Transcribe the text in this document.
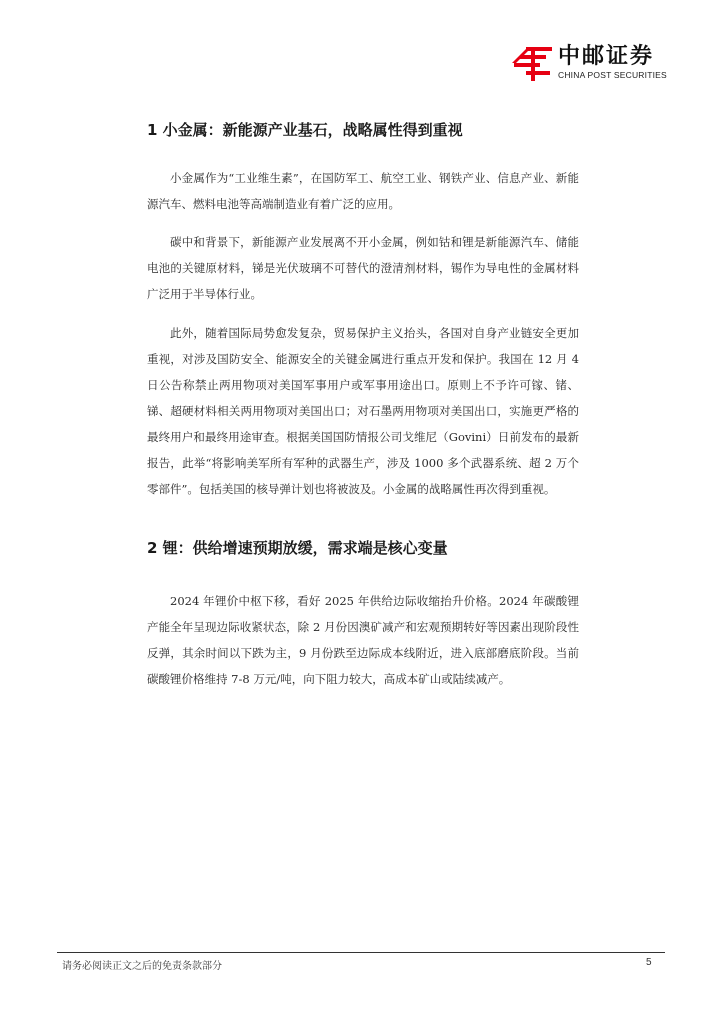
中邮证券
CHINA POST SECURITIES
1 小金属：新能源产业基石，战略属性得到重视
小金属作为“工业维生素”，在国防军工、航空工业、钢铁产业、信息产业、新能源汽车、燃料电池等高端制造业有着广泛的应用。
碳中和背景下，新能源产业发展离不开小金属，例如钴和锂是新能源汽车、储能电池的关键原材料，锑是光伏玻璃不可替代的澄清剂材料，锡作为导电性的金属材料广泛用于半导体行业。
此外，随着国际局势愈发复杂，贸易保护主义抬头，各国对自身产业链安全更加重视，对涉及国防安全、能源安全的关键金属进行重点开发和保护。我国在 12 月 4 日公告称禁止两用物项对美国军事用户或军事用途出口。原则上不予许可镓、锗、锑、超硬材料相关两用物项对美国出口；对石墨两用物项对美国出口，实施更严格的最终用户和最终用途审查。根据美国国防情报公司戈维尼（Govini）日前发布的最新报告，此举“将影响美军所有军种的武器生产，涉及 1000 多个武器系统、超 2 万个零部件”。包括美国的核导弹计划也将被波及。小金属的战略属性再次得到重视。
2 锂：供给增速预期放缓，需求端是核心变量
2024 年锂价中枢下移，看好 2025 年供给边际收缩抬升价格。2024 年碳酸锂产能全年呈现边际收紧状态，除 2 月份因澳矿减产和宏观预期转好等因素出现阶段性反弹，其余时间以下跌为主，9 月份跌至边际成本线附近，进入底部磨底阶段。当前碳酸锂价格维持 7-8 万元/吨，向下阻力较大，高成本矿山或陆续减产。
请务必阅读正文之后的免责条款部分	5
